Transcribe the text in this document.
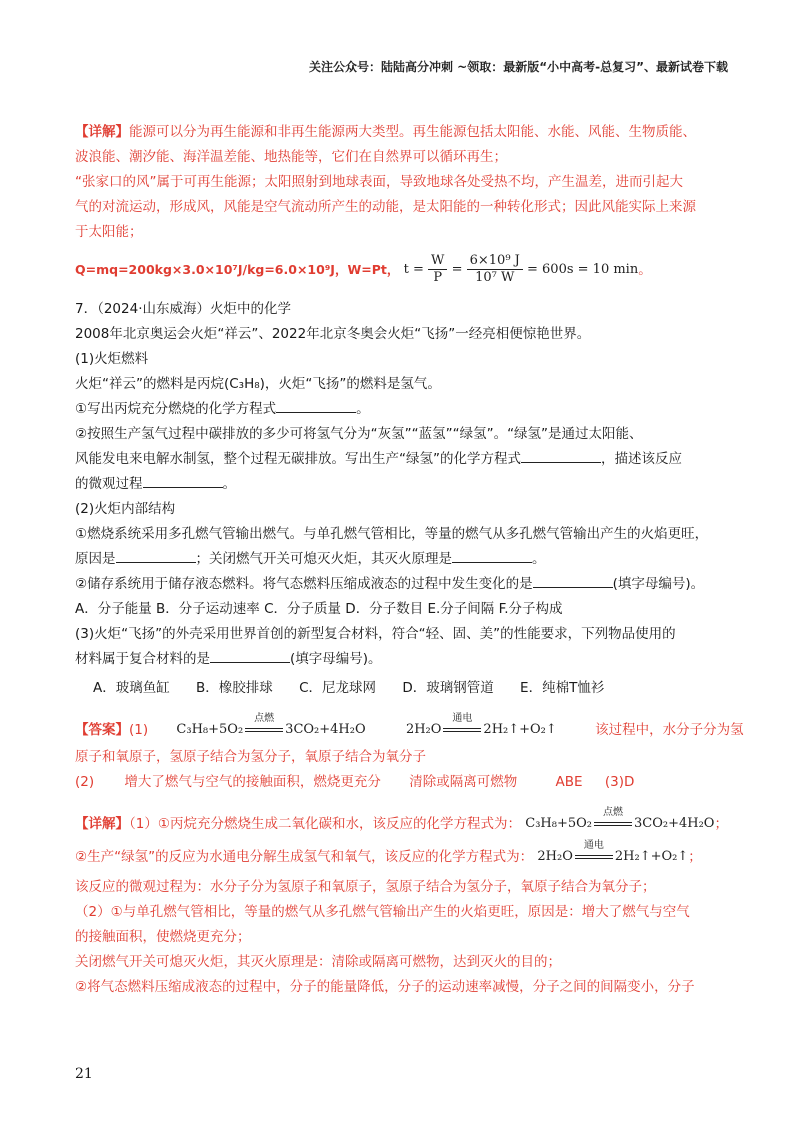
关注公众号：陆陆高分冲刺 ~领取：最新版“小中高考-总复习”、最新试卷下载
【详解】能源可以分为再生能源和非再生能源两大类型。再生能源包括太阳能、水能、风能、生物质能、
波浪能、潮汐能、海洋温差能、地热能等，它们在自然界可以循环再生；
“张家口的风”属于可再生能源；太阳照射到地球表面，导致地球各处受热不均，产生温差，进而引起大
气的对流运动，形成风，风能是空气流动所产生的动能，是太阳能的一种转化形式；因此风能实际上来源
于太阳能；
Q=mq=200kg×3.0×10⁷J/kg=6.0×10⁹J，W=Pt， $t = \frac{W}{P} = \frac{\text{6×10⁹ J}}{\text{10⁷ W}} = 600s = 10$ min。
7．（2024·山东威海）火炬中的化学
2008年北京奥运会火炬“祥云”、2022年北京冬奥会火炬“飞扬”一经亮相便惊艳世界。
(1)火炬燃料
火炬“祥云”的燃料是丙烷(C₃H₈)，火炬“飞扬”的燃料是氢气。
①写出丙烷充分燃烧的化学方程式	。
②按照生产氢气过程中碳排放的多少可将氢气分为“灰氢”“蓝氢”“绿氢”。“绿氢”是通过太阳能、
风能发电来电解水制氢，整个过程无碳排放。写出生产“绿氢”的化学方程式	，描述该反应
的微观过程	。
(2)火炬内部结构
①燃烧系统采用多孔燃气管输出燃气。与单孔燃气管相比，等量的燃气从多孔燃气管输出产生的火焰更旺，
原因是	；关闭燃气开关可熄灭火炬，其灭火原理是	。
②储存系统用于储存液态燃料。将气态燃料压缩成液态的过程中发生变化的是	(填字母编号)。
A．分子能量 B．分子运动速率 C．分子质量 D．分子数目 E.分子间隔 F.分子构成
(3)火炬“飞扬”的外壳采用世界首创的新型复合材料，符合“轻、固、美”的性能要求，下列物品使用的
材料属于复合材料的是	(填字母编号)。
A．玻璃鱼缸 B．橡胶排球 C．尼龙球网 D．玻璃钢管道 E．纯棉T恤衫
【答案】(1) C₃H₈+5O₂
点燃
3CO₂+4H₂O	2H₂O
通电
2H₂↑+O₂↑	该过程中，水分子分为氢
原子和氧原子，氢原子结合为氢分子，氧原子结合为氧分子
(2) 增大了燃气与空气的接触面积，燃烧更充分 清除或隔离可燃物	ABE (3)D
【详解】（1）①丙烷充分燃烧生成二氧化碳和水，该反应的化学方程式为： C₃H₈+5O₂
点燃
3CO₂+4H₂O；
②生产“绿氢”的反应为水通电分解生成氢气和氧气，该反应的化学方程式为： 2H₂O
通电
2H₂↑+O₂↑；
该反应的微观过程为：水分子分为氢原子和氧原子，氢原子结合为氢分子，氧原子结合为氧分子；
（2）①与单孔燃气管相比，等量的燃气从多孔燃气管输出产生的火焰更旺，原因是：增大了燃气与空气
的接触面积，使燃烧更充分；
关闭燃气开关可熄灭火炬，其灭火原理是：清除或隔离可燃物，达到灭火的目的；
②将气态燃料压缩成液态的过程中，分子的能量降低，分子的运动速率减慢，分子之间的间隔变小，分子
21
